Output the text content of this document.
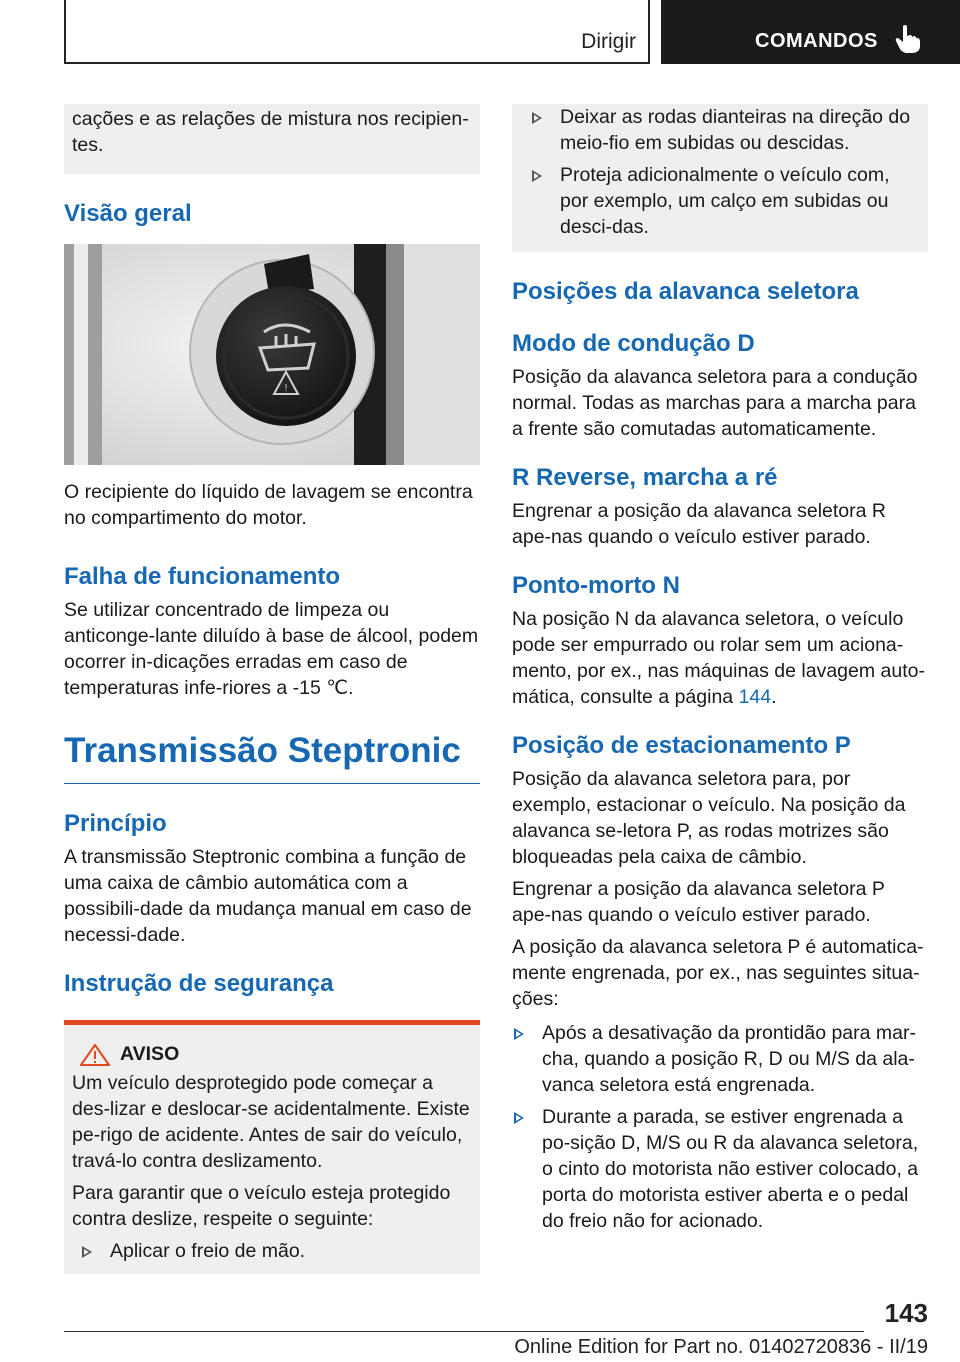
Dirigir	COMANDOS

cações e as relações de mistura nos recipien-tes.

Visão geral
!

O recipiente do líquido de lavagem se encontra no compartimento do motor.

Falha de funcionamento

Se utilizar concentrado de limpeza ou anticonge-lante diluído à base de álcool, podem ocorrer in-dicações erradas em caso de temperaturas infe-riores a -15 ℃.

Transmissão Steptronic
Princípio

A transmissão Steptronic combina a função de uma caixa de câmbio automática com a possibili-dade da mudança manual em caso de necessi-dade.

Instrução de segurança
AVISO

Um veículo desprotegido pode começar a des-lizar e deslocar-se acidentalmente. Existe pe-rigo de acidente. Antes de sair do veículo, travá-lo contra deslizamento.

Para garantir que o veículo esteja protegido contra deslize, respeite o seguinte:

Aplicar o freio de mão.
Deixar as rodas dianteiras na direção do meio-fio em subidas ou descidas.
Proteja adicionalmente o veículo com, por exemplo, um calço em subidas ou desci-das.
Posições da alavanca seletora
Modo de condução D

Posição da alavanca seletora para a condução normal. Todas as marchas para a marcha para a frente são comutadas automaticamente.

R Reverse, marcha a ré

Engrenar a posição da alavanca seletora R ape-nas quando o veículo estiver parado.

Ponto-morto N

Na posição N da alavanca seletora, o veículo pode ser empurrado ou rolar sem um aciona-mento, por ex., nas máquinas de lavagem auto-mática, consulte a página 144.

Posição de estacionamento P

Posição da alavanca seletora para, por exemplo, estacionar o veículo. Na posição da alavanca se-letora P, as rodas motrizes são bloqueadas pela caixa de câmbio.

Engrenar a posição da alavanca seletora P ape-nas quando o veículo estiver parado.

A posição da alavanca seletora P é automatica-mente engrenada, por ex., nas seguintes situa-ções:

Após a desativação da prontidão para mar-cha, quando a posição R, D ou M/S da ala-vanca seletora está engrenada.
Durante a parada, se estiver engrenada a po-sição D, M/S ou R da alavanca seletora, o cinto do motorista não estiver colocado, a porta do motorista estiver aberta e o pedal do freio não for acionado.
143
Online Edition for Part no. 01402720836 - II/19
